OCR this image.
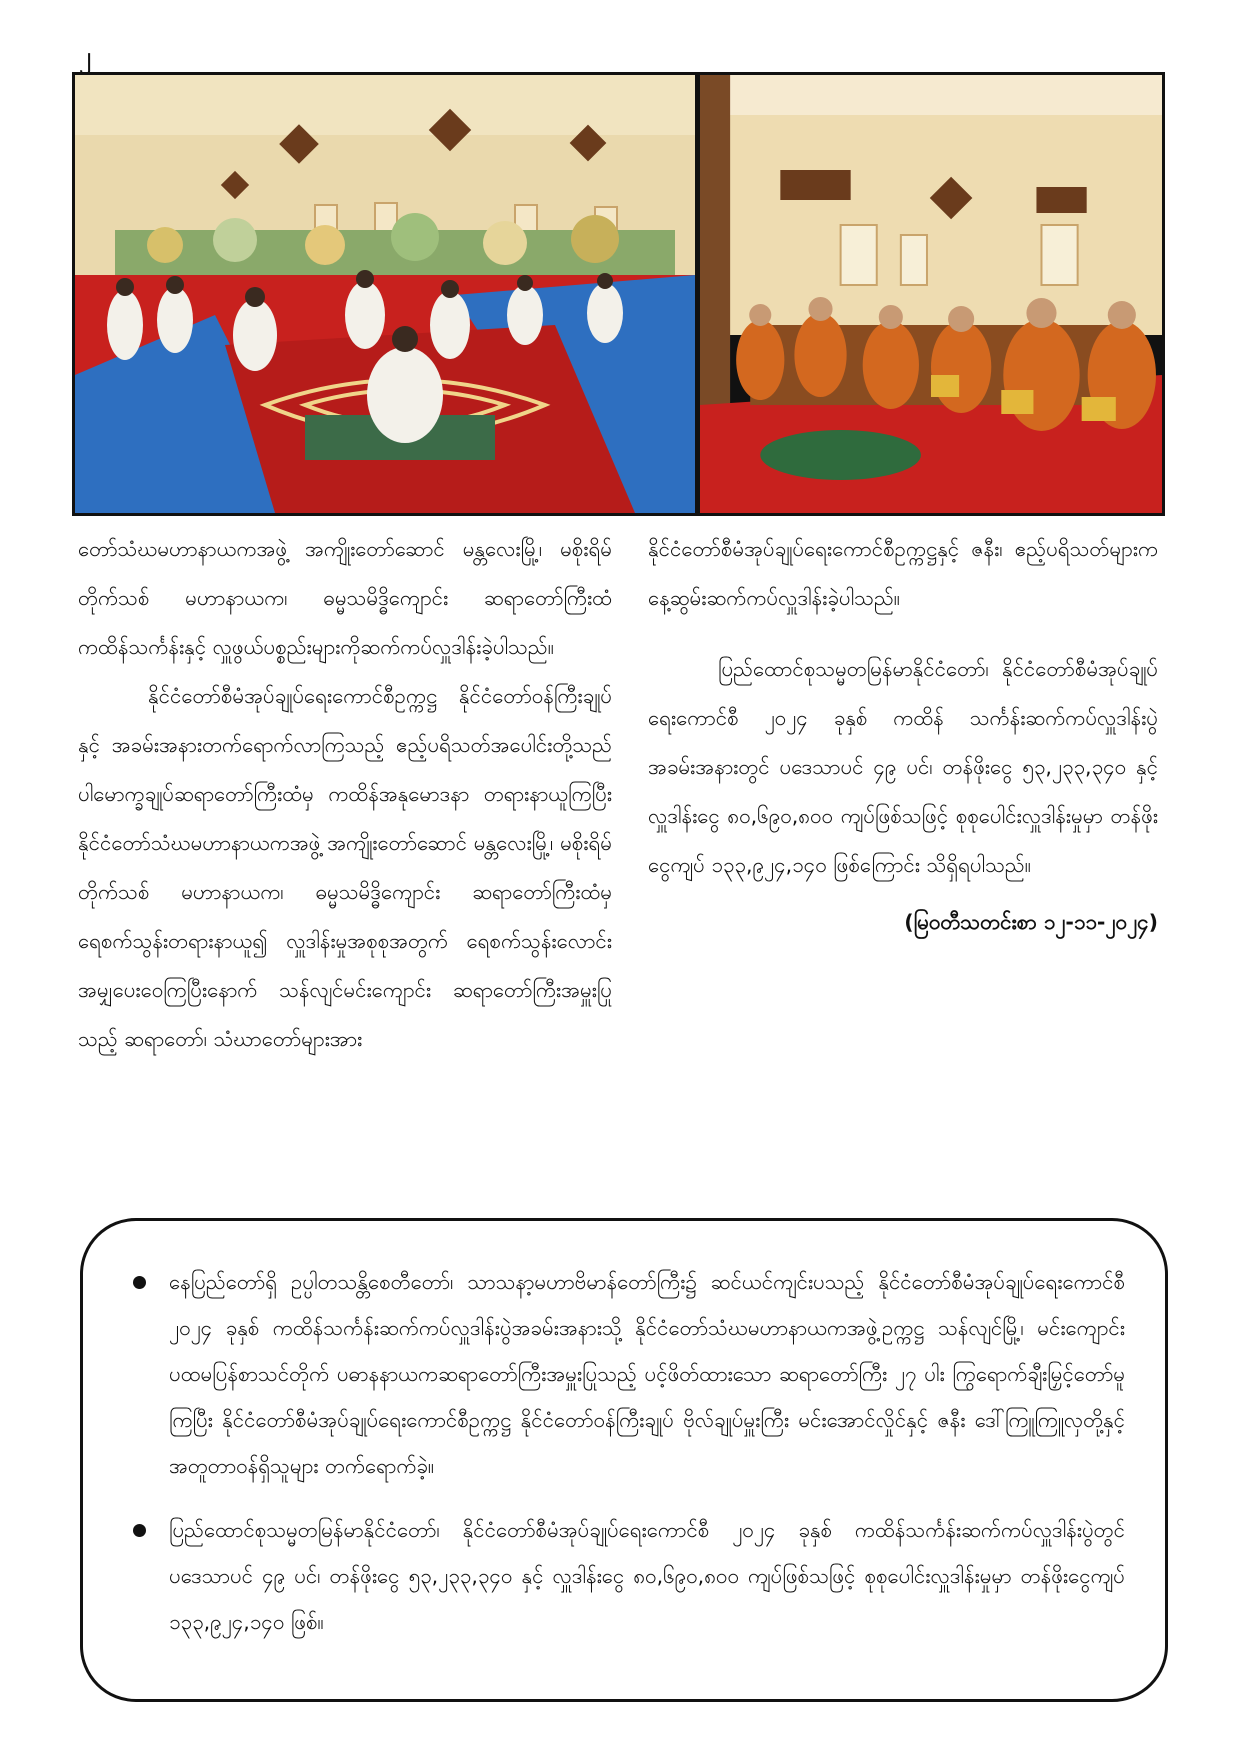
၂

တော်သံဃမဟာနာယကအဖွဲ့ အကျိုးတော်ဆောင် မန္တလေးမြို့၊ မစိုးရိမ်တိုက်သစ် မဟာနာယက၊ ဓမ္မသမိဒ္ဓိကျောင်း ဆရာတော်ကြီးထံ ကထိန်သင်္ကန်းနှင့် လှူဖွယ်ပစ္စည်းများကိုဆက်ကပ်လှူဒါန်းခဲ့ပါသည်။

နိုင်ငံတော်စီမံအုပ်ချုပ်ရေးကောင်စီဥက္ကဋ္ဌ နိုင်ငံတော်ဝန်ကြီးချုပ်နှင့် အခမ်းအနားတက်ရောက်လာကြသည့် ဧည့်ပရိသတ်အပေါင်းတို့သည် ပါမောက္ခချုပ်ဆရာတော်ကြီးထံမှ ကထိန်အနုမောဒနာ တရားနာယူကြပြီး နိုင်ငံတော်သံဃမဟာနာယကအဖွဲ့ အကျိုးတော်ဆောင် မန္တလေးမြို့၊ မစိုးရိမ်တိုက်သစ် မဟာနာယက၊ ဓမ္မသမိဒ္ဓိကျောင်း ဆရာတော်ကြီးထံမှ ရေစက်သွန်းတရားနာယူ၍ လှူဒါန်းမှုအစုစုအတွက် ရေစက်သွန်းလောင်းအမျှပေးဝေကြပြီးနောက် သန်လျင်မင်းကျောင်း ဆရာတော်ကြီးအမှူးပြုသည့် ဆရာတော်၊ သံဃာတော်များအား

နိုင်ငံတော်စီမံအုပ်ချုပ်ရေးကောင်စီဥက္ကဋ္ဌနှင့် ဇနီး၊ ဧည့်ပရိသတ်များက နေ့ဆွမ်းဆက်ကပ်လှူဒါန်းခဲ့ပါသည်။

ပြည်ထောင်စုသမ္မတမြန်မာနိုင်ငံတော်၊ နိုင်ငံတော်စီမံအုပ်ချုပ်ရေးကောင်စီ ၂၀၂၄ ခုနှစ် ကထိန် သင်္ကန်းဆက်ကပ်လှူဒါန်းပွဲအခမ်းအနားတွင် ပဒေသာပင် ၄၉ ပင်၊ တန်ဖိုးငွေ ၅၃,၂၃၃,၃၄၀ နှင့် လှူဒါန်းငွေ ၈၀,၆၉၀,၈၀၀ ကျပ်ဖြစ်သဖြင့် စုစုပေါင်းလှူဒါန်းမှုမှာ တန်ဖိုးငွေကျပ် ၁၃၃,၉၂၄,၁၄၀ ဖြစ်ကြောင်း သိရှိရပါသည်။

(မြဝတီသတင်းစာ ၁၂-၁၁-၂၀၂၄)

နေပြည်တော်ရှိ ဥပ္ပါတသန္တိစေတီတော်၊ သာသနာ့မဟာဗိမာန်တော်ကြီး၌ ဆင်ယင်ကျင်းပသည့် နိုင်ငံတော်စီမံအုပ်ချုပ်ရေးကောင်စီ ၂၀၂၄ ခုနှစ် ကထိန်သင်္ကန်းဆက်ကပ်လှူဒါန်းပွဲအခမ်းအနားသို့ နိုင်ငံတော်သံဃမဟာနာယကအဖွဲ့ဥက္ကဋ္ဌ သန်လျင်မြို့၊ မင်းကျောင်းပထမပြန်စာသင်တိုက် ပဓာနနာယကဆရာတော်ကြီးအမှူးပြုသည့် ပင့်ဖိတ်ထားသော ဆရာတော်ကြီး ၂၇ ပါး ကြွရောက်ချီးမြှင့်တော်မူကြပြီး နိုင်ငံတော်စီမံအုပ်ချုပ်ရေးကောင်စီဥက္ကဋ္ဌ နိုင်ငံတော်ဝန်ကြီးချုပ် ဗိုလ်ချုပ်မှူးကြီး မင်းအောင်လှိုင်နှင့် ဇနီး ဒေါ်ကြူကြူလှတို့နှင့်အတူတာဝန်ရှိသူများ တက်ရောက်ခဲ့။
ပြည်ထောင်စုသမ္မတမြန်မာနိုင်ငံတော်၊ နိုင်ငံတော်စီမံအုပ်ချုပ်ရေးကောင်စီ ၂၀၂၄ ခုနှစ် ကထိန်သင်္ကန်းဆက်ကပ်လှူဒါန်းပွဲတွင် ပဒေသာပင် ၄၉ ပင်၊ တန်ဖိုးငွေ ၅၃,၂၃၃,၃၄၀ နှင့် လှူဒါန်းငွေ ၈၀,၆၉၀,၈၀၀ ကျပ်ဖြစ်သဖြင့် စုစုပေါင်းလှူဒါန်းမှုမှာ တန်ဖိုးငွေကျပ် ၁၃၃,၉၂၄,၁၄၀ ဖြစ်။
